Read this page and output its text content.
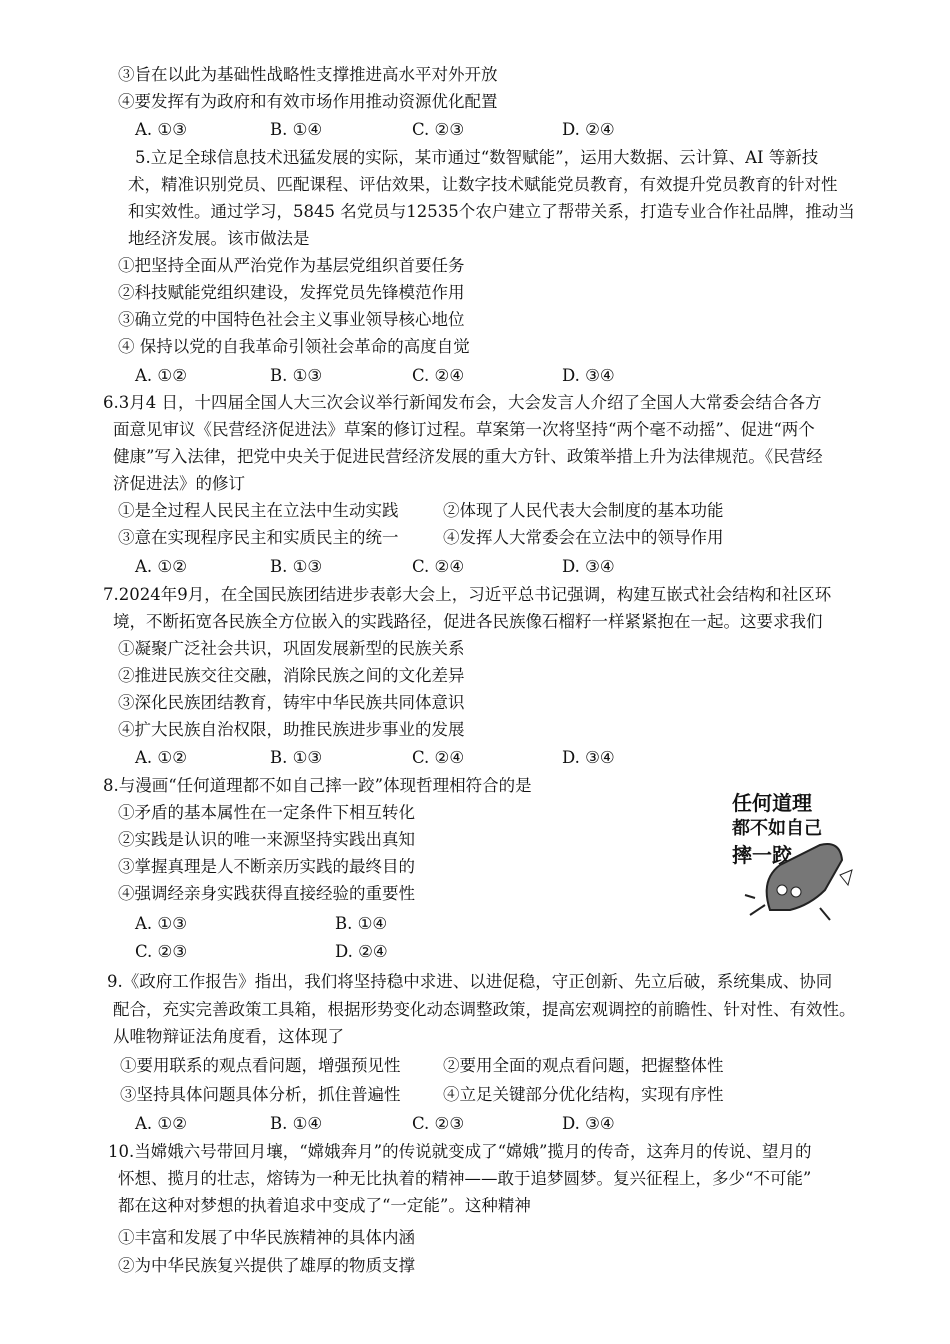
③旨在以此为基础性战略性支撑推进高水平对外开放
④要发挥有为政府和有效市场作用推动资源优化配置
A. ①③	B. ①④	C. ②③	D. ②④
5.立足全球信息技术迅猛发展的实际，某市通过“数智赋能”，运用大数据、云计算、AI 等新技
术，精准识别党员、匹配课程、评估效果，让数字技术赋能党员教育，有效提升党员教育的针对性
和实效性。通过学习，5845 名党员与12535个农户建立了帮带关系，打造专业合作社品牌，推动当
地经济发展。该市做法是
①把坚持全面从严治党作为基层党组织首要任务
②科技赋能党组织建设，发挥党员先锋模范作用
③确立党的中国特色社会主义事业领导核心地位
④ 保持以党的自我革命引领社会革命的高度自觉
A. ①②	B. ①③	C. ②④	D. ③④
6.3月4 日，十四届全国人大三次会议举行新闻发布会，大会发言人介绍了全国人大常委会结合各方
面意见审议《民营经济促进法》草案的修订过程。草案第一次将坚持“两个毫不动摇”、促进“两个
健康”写入法律，把党中央关于促进民营经济发展的重大方针、政策举措上升为法律规范。《民营经
济促进法》的修订
①是全过程人民民主在立法中生动实践	②体现了人民代表大会制度的基本功能
③意在实现程序民主和实质民主的统一	④发挥人大常委会在立法中的领导作用
A. ①②	B. ①③	C. ②④	D. ③④
7.2024年9月，在全国民族团结进步表彰大会上，习近平总书记强调，构建互嵌式社会结构和社区环
境，不断拓宽各民族全方位嵌入的实践路径，促进各民族像石榴籽一样紧紧抱在一起。这要求我们
①凝聚广泛社会共识，巩固发展新型的民族关系
②推进民族交往交融，消除民族之间的文化差异
③深化民族团结教育，铸牢中华民族共同体意识
④扩大民族自治权限，助推民族进步事业的发展
A. ①②	B. ①③	C. ②④	D. ③④
8.与漫画“任何道理都不如自己摔一跤”体现哲理相符合的是
①矛盾的基本属性在一定条件下相互转化
②实践是认识的唯一来源坚持实践出真知
③掌握真理是人不断亲历实践的最终目的
④强调经亲身实践获得直接经验的重要性
A. ①③	B. ①④
C. ②③	D. ②④
任何道理
都不如自己
摔一跤
9.《政府工作报告》指出，我们将坚持稳中求进、以进促稳，守正创新、先立后破，系统集成、协同
配合，充实完善政策工具箱，根据形势变化动态调整政策，提高宏观调控的前瞻性、针对性、有效性。
从唯物辩证法角度看，这体现了
①要用联系的观点看问题，增强预见性	②要用全面的观点看问题，把握整体性
③坚持具体问题具体分析，抓住普遍性	④立足关键部分优化结构，实现有序性
A. ①②	B. ①④	C. ②③	D. ③④
10.当嫦娥六号带回月壤，“嫦娥奔月”的传说就变成了“嫦娥”揽月的传奇，这奔月的传说、望月的
怀想、揽月的壮志，熔铸为一种无比执着的精神——敢于追梦圆梦。复兴征程上，多少“不可能”
都在这种对梦想的执着追求中变成了“一定能”。这种精神
①丰富和发展了中华民族精神的具体内涵
②为中华民族复兴提供了雄厚的物质支撑
